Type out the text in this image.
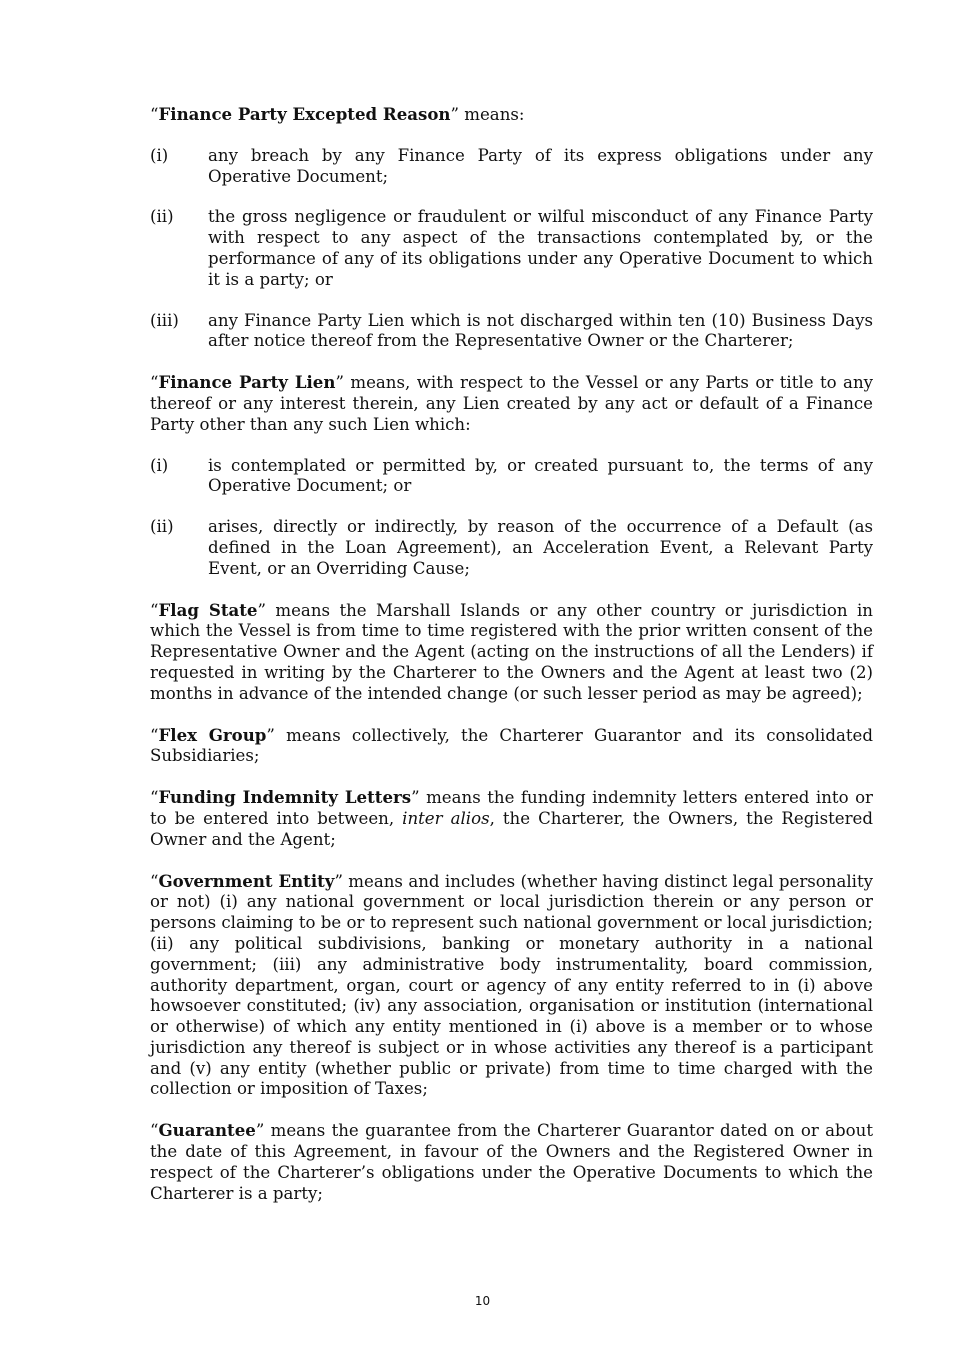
“Finance Party Excepted Reason” means:

(i)	any breach by any Finance Party of its express obligations under any Operative Document;
(ii)	the gross negligence or fraudulent or wilful misconduct of any Finance Party with respect to any aspect of the transactions contemplated by, or the performance of any of its obligations under any Operative Document to which it is a party; or
(iii)	any Finance Party Lien which is not discharged within ten (10) Business Days after notice thereof from the Representative Owner or the Charterer;

“Finance Party Lien” means, with respect to the Vessel or any Parts or title to any thereof or any interest therein, any Lien created by any act or default of a Finance Party other than any such Lien which:

(i)	is contemplated or permitted by, or created pursuant to, the terms of any Operative Document; or
(ii)	arises, directly or indirectly, by reason of the occurrence of a Default (as defined in the Loan Agreement), an Acceleration Event, a Relevant Party Event, or an Overriding Cause;

“Flag State” means the Marshall Islands or any other country or jurisdiction in which the Vessel is from time to time registered with the prior written consent of the Representative Owner and the Agent (acting on the instructions of all the Lenders) if requested in writing by the Charterer to the Owners and the Agent at least two (2) months in advance of the intended change (or such lesser period as may be agreed);

“Flex Group” means collectively, the Charterer Guarantor and its consolidated Subsidiaries;

“Funding Indemnity Letters” means the funding indemnity letters entered into or to be entered into between, inter alios, the Charterer, the Owners, the Registered Owner and the Agent;

“Government Entity” means and includes (whether having distinct legal personality or not) (i) any national government or local jurisdiction therein or any person or persons claiming to be or to represent such national government or local jurisdiction; (ii) any political subdivisions, banking or monetary authority in a national government; (iii) any administrative body instrumentality, board commission, authority department, organ, court or agency of any entity referred to in (i) above howsoever constituted; (iv) any association, organisation or institution (international or otherwise) of which any entity mentioned in (i) above is a member or to whose jurisdiction any thereof is subject or in whose activities any thereof is a participant and (v) any entity (whether public or private) from time to time charged with the collection or imposition of Taxes;

“Guarantee” means the guarantee from the Charterer Guarantor dated on or about the date of this Agreement, in favour of the Owners and the Registered Owner in respect of the Charterer’s obligations under the Operative Documents to which the Charterer is a party;

10
